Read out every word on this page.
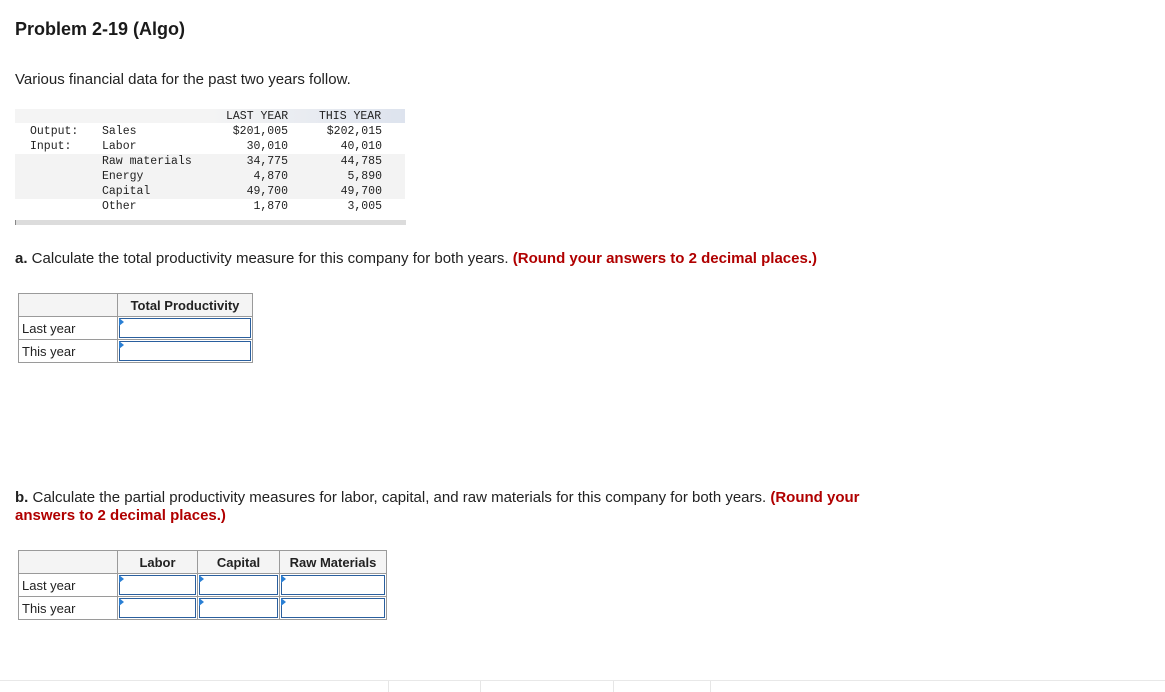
Problem 2-19 (Algo)
Various financial data for the past two years follow.
LAST YEAR	THIS YEAR
Output: Sales	$201,005	$202,015
Input:	Labor	30,010	40,010
Raw materials	34,775	44,785
Energy	4,870	5,890
Capital	49,700	49,700
Other	1,870	3,005
a. Calculate the total productivity measure for this company for both years. (Round your answers to 2 decimal places.)
	Total Productivity
Last year	

This year	
b. Calculate the partial productivity measures for labor, capital, and raw materials for this company for both years. (Round your answers to 2 decimal places.)
	Labor	Capital	Raw Materials
Last year	

This year	
